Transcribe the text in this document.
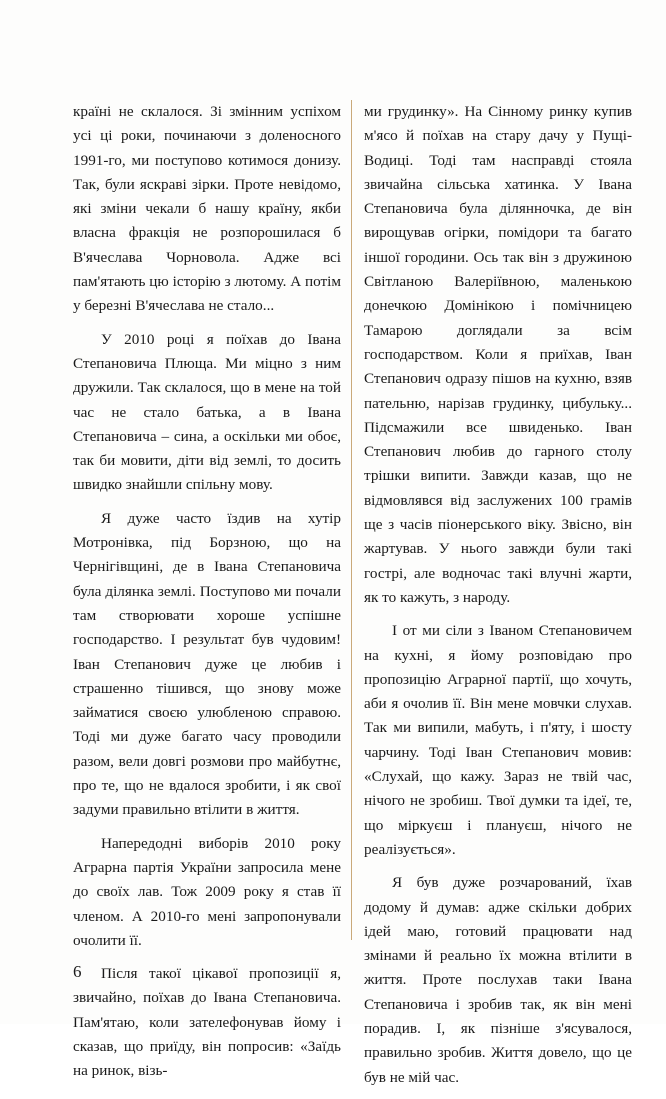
країні не склалося. Зі змінним успіхом усі ці роки, починаючи з доленосного 1991-го, ми поступово котимося донизу. Так, були яскраві зірки. Проте невідомо, які зміни чекали б нашу країну, якби власна фракція не розпорошилася б В'ячеслава Чорновола. Адже всі пам'ятають цю історію з лютому. А потім у березні В'ячеслава не стало...

У 2010 році я поїхав до Івана Степановича Плюща. Ми міцно з ним дружили. Так склалося, що в мене на той час не стало батька, а в Івана Степановича – сина, а оскільки ми обоє, так би мовити, діти від землі, то досить швидко знайшли спільну мову.

Я дуже часто їздив на хутір Мотронівка, під Борзною, що на Чернігівщині, де в Івана Степановича була ділянка землі. Поступово ми почали там створювати хороше успішне господарство. І результат був чудовим! Іван Степанович дуже це любив і страшенно тішився, що знову може займатися своєю улюбленою справою. Тоді ми дуже багато часу проводили разом, вели довгі розмови про майбутнє, про те, що не вдалося зробити, і як свої задуми правильно втілити в життя.

Напередодні виборів 2010 року Аграрна партія України запросила мене до своїх лав. Тож 2009 року я став її членом. А 2010-го мені запропонували очолити її.

Після такої цікавої пропозиції я, звичайно, поїхав до Івана Степановича. Пам'ятаю, коли зателефонував йому і сказав, що приїду, він попросив: «Заїдь на ринок, візь-

ми грудинку». На Сінному ринку купив м'ясо й поїхав на стару дачу у Пущі-Водиці. Тоді там насправді стояла звичайна сільська хатинка. У Івана Степановича була ділянночка, де він вирощував огірки, помідори та багато іншої городини. Ось так він з дружиною Світланою Валеріївною, маленькою донечкою Домінікою і помічницею Тамарою доглядали за всім господарством. Коли я приїхав, Іван Степанович одразу пішов на кухню, взяв пательню, нарізав грудинку, цибульку... Підсмажили все швиденько. Іван Степанович любив до гарного столу трішки випити. Завжди казав, що не відмовлявся від заслужених 100 грамів ще з часів піонерського віку. Звісно, він жартував. У нього завжди були такі гострі, але водночас такі влучні жарти, як то кажуть, з народу.

І от ми сіли з Іваном Степановичем на кухні, я йому розповідаю про пропозицію Аграрної партії, що хочуть, аби я очолив її. Він мене мовчки слухав. Так ми випили, мабуть, і п'яту, і шосту чарчину. Тоді Іван Степанович мовив: «Слухай, що кажу. Зараз не твій час, нічого не зробиш. Твої думки та ідеї, те, що міркуєш і плануєш, нічого не реалізується».

Я був дуже розчарований, їхав додому й думав: адже скільки добрих ідей маю, готовий працювати над змінами й реально їх можна втілити в життя. Проте послухав таки Івана Степановича і зробив так, як він мені порадив. І, як пізніше з'ясувалося, правильно зробив. Життя довело, що це був не мій час.

6
